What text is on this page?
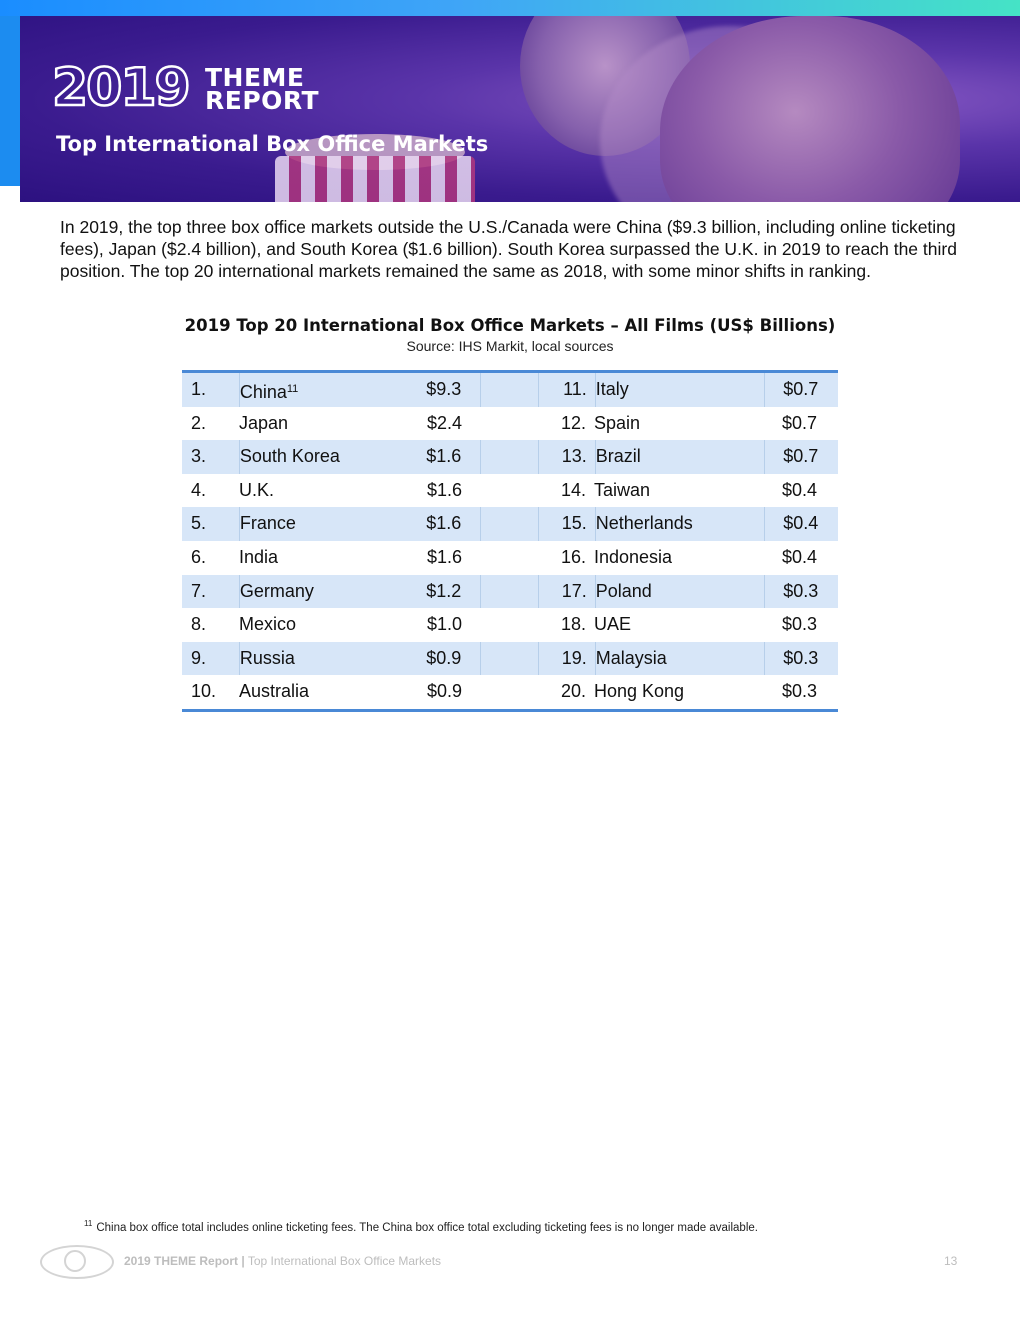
2019 THEME
REPORT
Top International Box Office Markets

In 2019, the top three box office markets outside the U.S./Canada were China ($9.3 billion, including online ticketing fees), Japan ($2.4 billion), and South Korea ($1.6 billion). South Korea surpassed the U.K. in 2019 to reach the third position. The top 20 international markets remained the same as 2018, with some minor shifts in ranking.

2019 Top 20 International Box Office Markets – All Films (US$ Billions)
Source: IHS Markit, local sources
1.	China$^{11}$	$9.3	11. Italy	$0.7
2.	Japan	$2.4	12. Spain	$0.7
3.	South Korea	$1.6	13. Brazil	$0.7
4.	U.K.	$1.6	14. Taiwan	$0.4
5.	France	$1.6	15. Netherlands	$0.4
6.	India	$1.6	16. Indonesia	$0.4
7.	Germany	$1.2	17. Poland	$0.3
8.	Mexico	$1.0	18. UAE	$0.3
9.	Russia	$0.9	19. Malaysia	$0.3
10.	Australia	$0.9	20. Hong Kong	$0.3
$^{11}$ China box office total includes online ticketing fees. The China box office total excluding ticketing fees is no longer made available.
2019 THEME Report | Top International Box Office Markets	13
